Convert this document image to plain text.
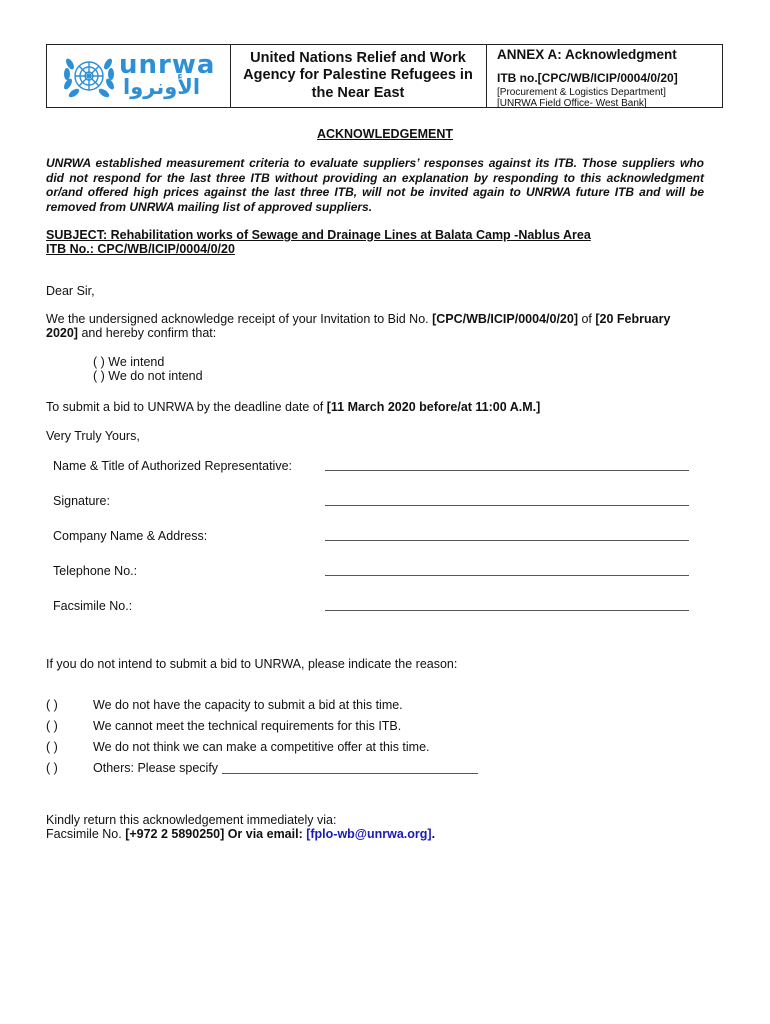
unrwa
الأونروا
United Nations Relief and Work
Agency for Palestine Refugees in
the Near East
ANNEX A: Acknowledgment
ITB no.[CPC/WB/ICIP/0004/0/20]
[Procurement & Logistics Department]
[UNRWA Field Office- West Bank]
ACKNOWLEDGEMENT
UNRWA established measurement criteria to evaluate suppliers’ responses against its ITB. Those suppliers who did not respond for the last three ITB without providing an explanation by responding to this acknowledgment or/and offered high prices against the last three ITB, will not be invited again to UNRWA future ITB and will be removed from UNRWA mailing list of approved suppliers.
SUBJECT: Rehabilitation works of Sewage and Drainage Lines at Balata Camp -Nablus Area
ITB No.: CPC/WB/ICIP/0004/0/20
Dear Sir,
We the undersigned acknowledge receipt of your Invitation to Bid No. [CPC/WB/ICIP/0004/0/20] of [20 February
2020] and hereby confirm that:
( ) We intend
( ) We do not intend
To submit a bid to UNRWA by the deadline date of [11 March 2020 before/at 11:00 A.M.]
Very Truly Yours,
Name & Title of Authorized Representative:
Signature:
Company Name & Address:
Telephone No.:
Facsimile No.:
If you do not intend to submit a bid to UNRWA, please indicate the reason:
( )	We do not have the capacity to submit a bid at this time.
( )	We cannot meet the technical requirements for this ITB.
( )	We do not think we can make a competitive offer at this time.
( )	Others: Please specify
Kindly return this acknowledgement immediately via:
Facsimile No. [+972 2 5890250] Or via email: [fplo-wb@unrwa.org].
